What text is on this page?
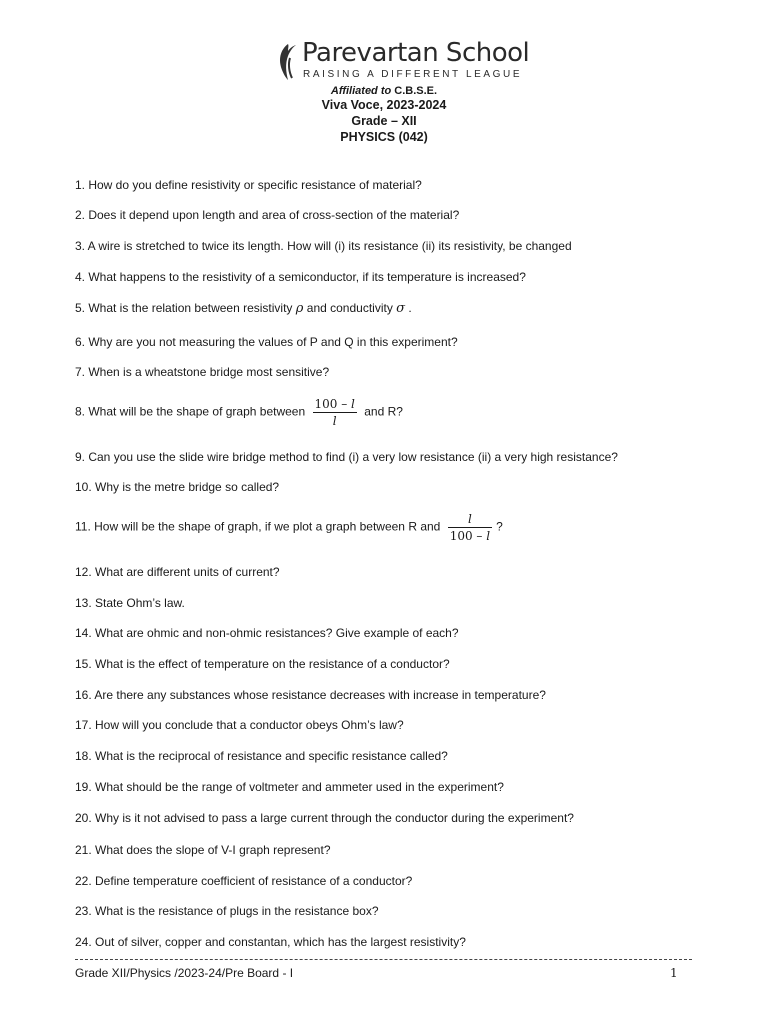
Parevartan School
RAISING A DIFFERENT LEAGUE
Affiliated to C.B.S.E.
Viva Voce, 2023-2024
Grade – XII
PHYSICS (042)
1. How do you define resistivity or specific resistance of material?
2. Does it depend upon length and area of cross-section of the material?
3. A wire is stretched to twice its length. How will (i) its resistance (ii) its resistivity, be changed
4. What happens to the resistivity of a semiconductor, if its temperature is increased?
5. What is the relation between resistivity ρ and conductivity σ .
6. Why are you not measuring the values of P and Q in this experiment?
7. When is a wheatstone bridge most sensitive?
8. What will be the shape of graph between $\frac{100 - l}{l}$ and R?
9. Can you use the slide wire bridge method to find (i) a very low resistance (ii) a very high resistance?
10. Why is the metre bridge so called?
11. How will be the shape of graph, if we plot a graph between R and $\frac{l}{100 - l}$ ?
12. What are different units of current?
13. State Ohm’s law.
14. What are ohmic and non-ohmic resistances? Give example of each?
15. What is the effect of temperature on the resistance of a conductor?
16. Are there any substances whose resistance decreases with increase in temperature?
17. How will you conclude that a conductor obeys Ohm’s law?
18. What is the reciprocal of resistance and specific resistance called?
19. What should be the range of voltmeter and ammeter used in the experiment?
20. Why is it not advised to pass a large current through the conductor during the experiment?
21. What does the slope of V-I graph represent?
22. Define temperature coefficient of resistance of a conductor?
23. What is the resistance of plugs in the resistance box?
24. Out of silver, copper and constantan, which has the largest resistivity?
Grade XII/Physics /2023-24/Pre Board - I	1
